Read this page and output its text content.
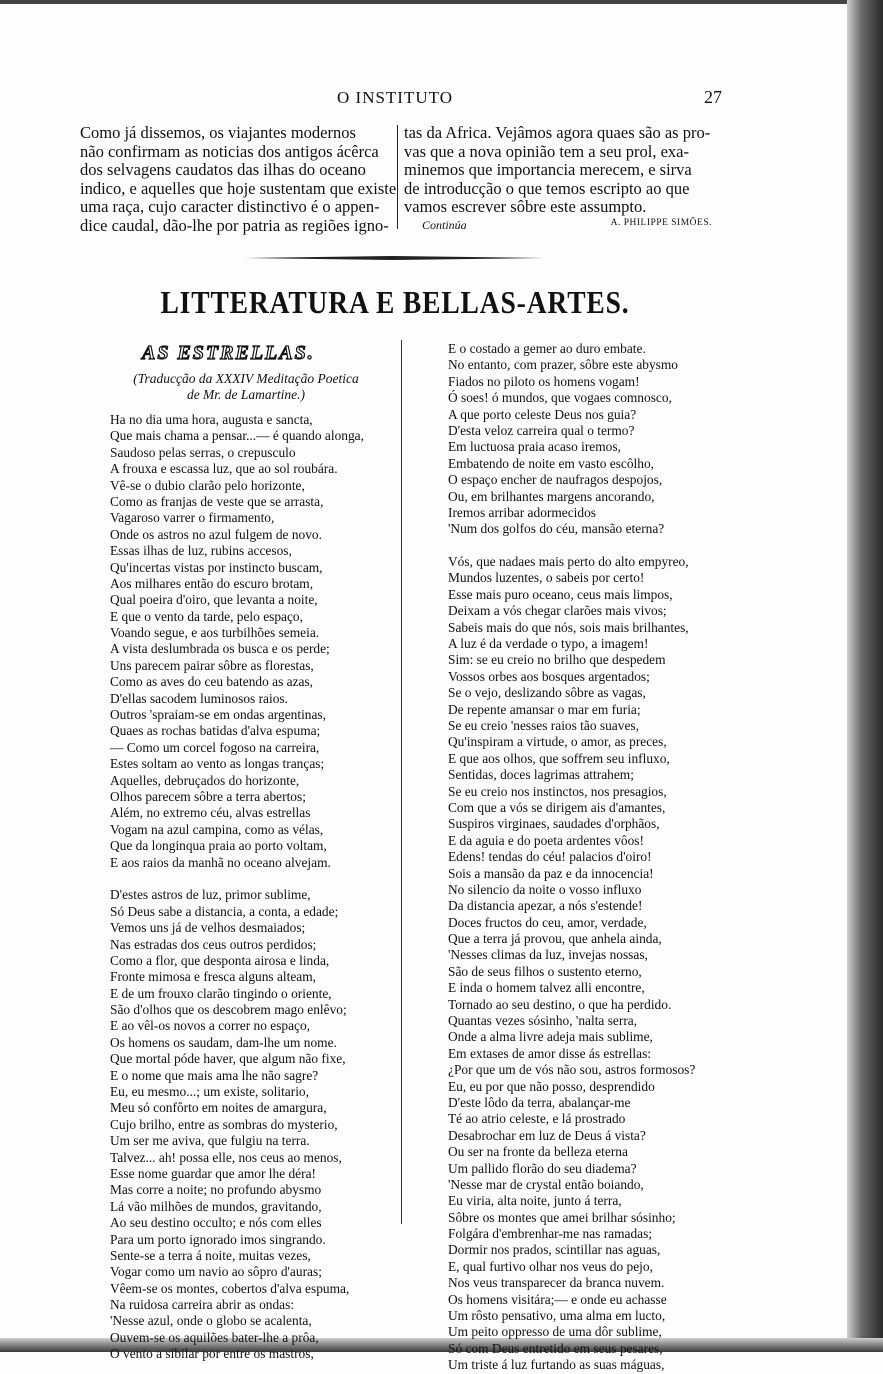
O INSTITUTO	27

Como já dissemos, os viajantes modernos

não confirmam as noticias dos antigos ácêrca

dos selvagens caudatos das ilhas do oceano

indico, e aquelles que hoje sustentam que existe

uma raça, cujo caracter distinctivo é o appen-

dice caudal, dão-lhe por patria as regiões igno-

tas da Africa. Vejâmos agora quaes são as pro-

vas que a nova opinião tem a seu prol, exa-

minemos que importancia merecem, e sirva

de introducção o que temos escripto ao que

vamos escrever sôbre este assumpto.

Continúa	A. PHILIPPE SIMÕES.
LITTERATURA E BELLAS-ARTES.
AS ESTRELLAS.
(Traducção da XXXIV Meditação Poetica
de Mr. de Lamartine.)
Ha no dia uma hora, augusta e sancta,
Que mais chama a pensar...— é quando alonga,
Saudoso pelas serras, o crepusculo
A frouxa e escassa luz, que ao sol roubára.
Vê-se o dubio clarão pelo horizonte,
Como as franjas de veste que se arrasta,
Vagaroso varrer o firmamento,
Onde os astros no azul fulgem de novo.
Essas ilhas de luz, rubins accesos,
Qu'incertas vistas por instincto buscam,
Aos milhares então do escuro brotam,
Qual poeira d'oiro, que levanta a noite,
E que o vento da tarde, pelo espaço,
Voando segue, e aos turbilhões semeia.
A vista deslumbrada os busca e os perde;
Uns parecem pairar sôbre as florestas,
Como as aves do ceu batendo as azas,
D'ellas sacodem luminosos raios.
Outros 'spraiam-se em ondas argentinas,
Quaes as rochas batidas d'alva espuma;
— Como um corcel fogoso na carreira,
Estes soltam ao vento as longas tranças;
Aquelles, debruçados do horizonte,
Olhos parecem sôbre a terra abertos;
Além, no extremo céu, alvas estrellas
Vogam na azul campina, como as vélas,
Que da longinqua praia ao porto voltam,
E aos raios da manhã no oceano alvejam.
D'estes astros de luz, primor sublime,
Só Deus sabe a distancia, a conta, a edade;
Vemos uns já de velhos desmaiados;
Nas estradas dos ceus outros perdidos;
Como a flor, que desponta airosa e linda,
Fronte mimosa e fresca alguns alteam,
E de um frouxo clarão tingindo o oriente,
São d'olhos que os descobrem mago enlêvo;
E ao vêl-os novos a correr no espaço,
Os homens os saudam, dam-lhe um nome.
Que mortal póde haver, que algum não fixe,
E o nome que mais ama lhe não sagre?
Eu, eu mesmo...; um existe, solitario,
Meu só confôrto em noites de amargura,
Cujo brilho, entre as sombras do mysterio,
Um ser me aviva, que fulgiu na terra.
Talvez... ah! possa elle, nos ceus ao menos,
Esse nome guardar que amor lhe déra!
Mas corre a noite; no profundo abysmo
Lá vão milhões de mundos, gravitando,
Ao seu destino occulto; e nós com elles
Para um porto ignorado imos singrando.
Sente-se a terra á noite, muitas vezes,
Vogar como um navio ao sôpro d'auras;
Vêem-se os montes, cobertos d'alva espuma,
Na ruidosa carreira abrir as ondas:
'Nesse azul, onde o globo se acalenta,
Ouvem-se os aquilões bater-lhe a prôa,
O vento a sibilar por entre os mastros,
E o costado a gemer ao duro embate.
No entanto, com prazer, sôbre este abysmo
Fiados no piloto os homens vogam!
Ó soes! ó mundos, que vogaes comnosco,
A que porto celeste Deus nos guia?
D'esta veloz carreira qual o termo?
Em luctuosa praia acaso iremos,
Embatendo de noite em vasto escôlho,
O espaço encher de naufragos despojos,
Ou, em brilhantes margens ancorando,
Iremos arribar adormecidos
'Num dos golfos do céu, mansão eterna?
Vós, que nadaes mais perto do alto empyreo,
Mundos luzentes, o sabeis por certo!
Esse mais puro oceano, ceus mais limpos,
Deixam a vós chegar clarões mais vivos;
Sabeis mais do que nós, sois mais brilhantes,
A luz é da verdade o typo, a imagem!
Sim: se eu creio no brilho que despedem
Vossos orbes aos bosques argentados;
Se o vejo, deslizando sôbre as vagas,
De repente amansar o mar em furia;
Se eu creio 'nesses raios tão suaves,
Qu'inspiram a virtude, o amor, as preces,
E que aos olhos, que soffrem seu influxo,
Sentidas, doces lagrimas attrahem;
Se eu creio nos instinctos, nos presagios,
Com que a vós se dirigem ais d'amantes,
Suspiros virginaes, saudades d'orphãos,
E da aguia e do poeta ardentes vôos!
Edens! tendas do céu! palacios d'oiro!
Sois a mansão da paz e da innocencia!
No silencio da noite o vosso influxo
Da distancia apezar, a nós s'estende!
Doces fructos do ceu, amor, verdade,
Que a terra já provou, que anhela ainda,
'Nesses climas da luz, invejas nossas,
São de seus filhos o sustento eterno,
E inda o homem talvez alli encontre,
Tornado ao seu destino, o que ha perdido.
Quantas vezes sósinho, 'nalta serra,
Onde a alma livre adeja mais sublime,
Em extases de amor disse ás estrellas:
¿Por que um de vós não sou, astros formosos?
Eu, eu por que não posso, desprendido
D'este lôdo da terra, abalançar-me
Té ao atrio celeste, e lá prostrado
Desabrochar em luz de Deus á vista?
Ou ser na fronte da belleza eterna
Um pallido florão do seu diadema?
'Nesse mar de crystal então boiando,
Eu viria, alta noite, junto á terra,
Sôbre os montes que amei brilhar sósinho;
Folgára d'embrenhar-me nas ramadas;
Dormir nos prados, scintillar nas aguas,
E, qual furtivo olhar nos veus do pejo,
Nos veus transparecer da branca nuvem.
Os homens visitára;— e onde eu achasse
Um rôsto pensativo, uma alma em lucto,
Um peito oppresso de uma dôr sublime,
Só com Deus entretido em seus pesares,
Um triste á luz furtando as suas máguas,
